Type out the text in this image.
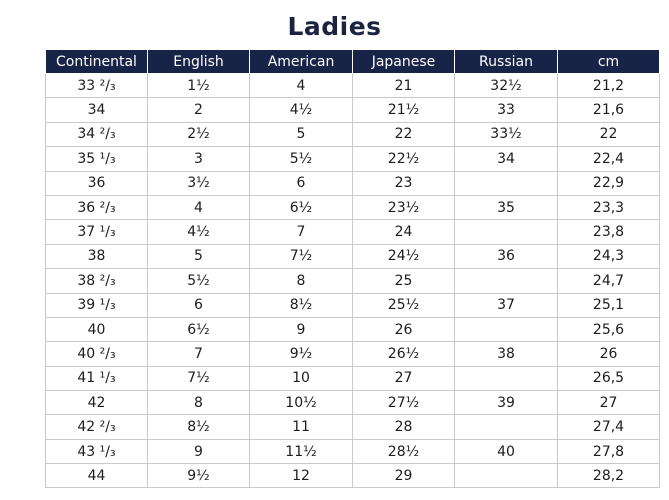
Ladies
Continental	English	American	Japanese	Russian	cm
33 ²/₃	1½	4	21	32½	21,2
34	2	4½	21½	33	21,6
34 ²/₃	2½	5	22	33½	22
35 ¹/₃	3	5½	22½	34	22,4
36	3½	6	23		22,9
36 ²/₃	4	6½	23½	35	23,3
37 ¹/₃	4½	7	24		23,8
38	5	7½	24½	36	24,3
38 ²/₃	5½	8	25		24,7
39 ¹/₃	6	8½	25½	37	25,1
40	6½	9	26		25,6
40 ²/₃	7	9½	26½	38	26
41 ¹/₃	7½	10	27		26,5
42	8	10½	27½	39	27
42 ²/₃	8½	11	28		27,4
43 ¹/₃	9	11½	28½	40	27,8
44	9½	12	29		28,2
